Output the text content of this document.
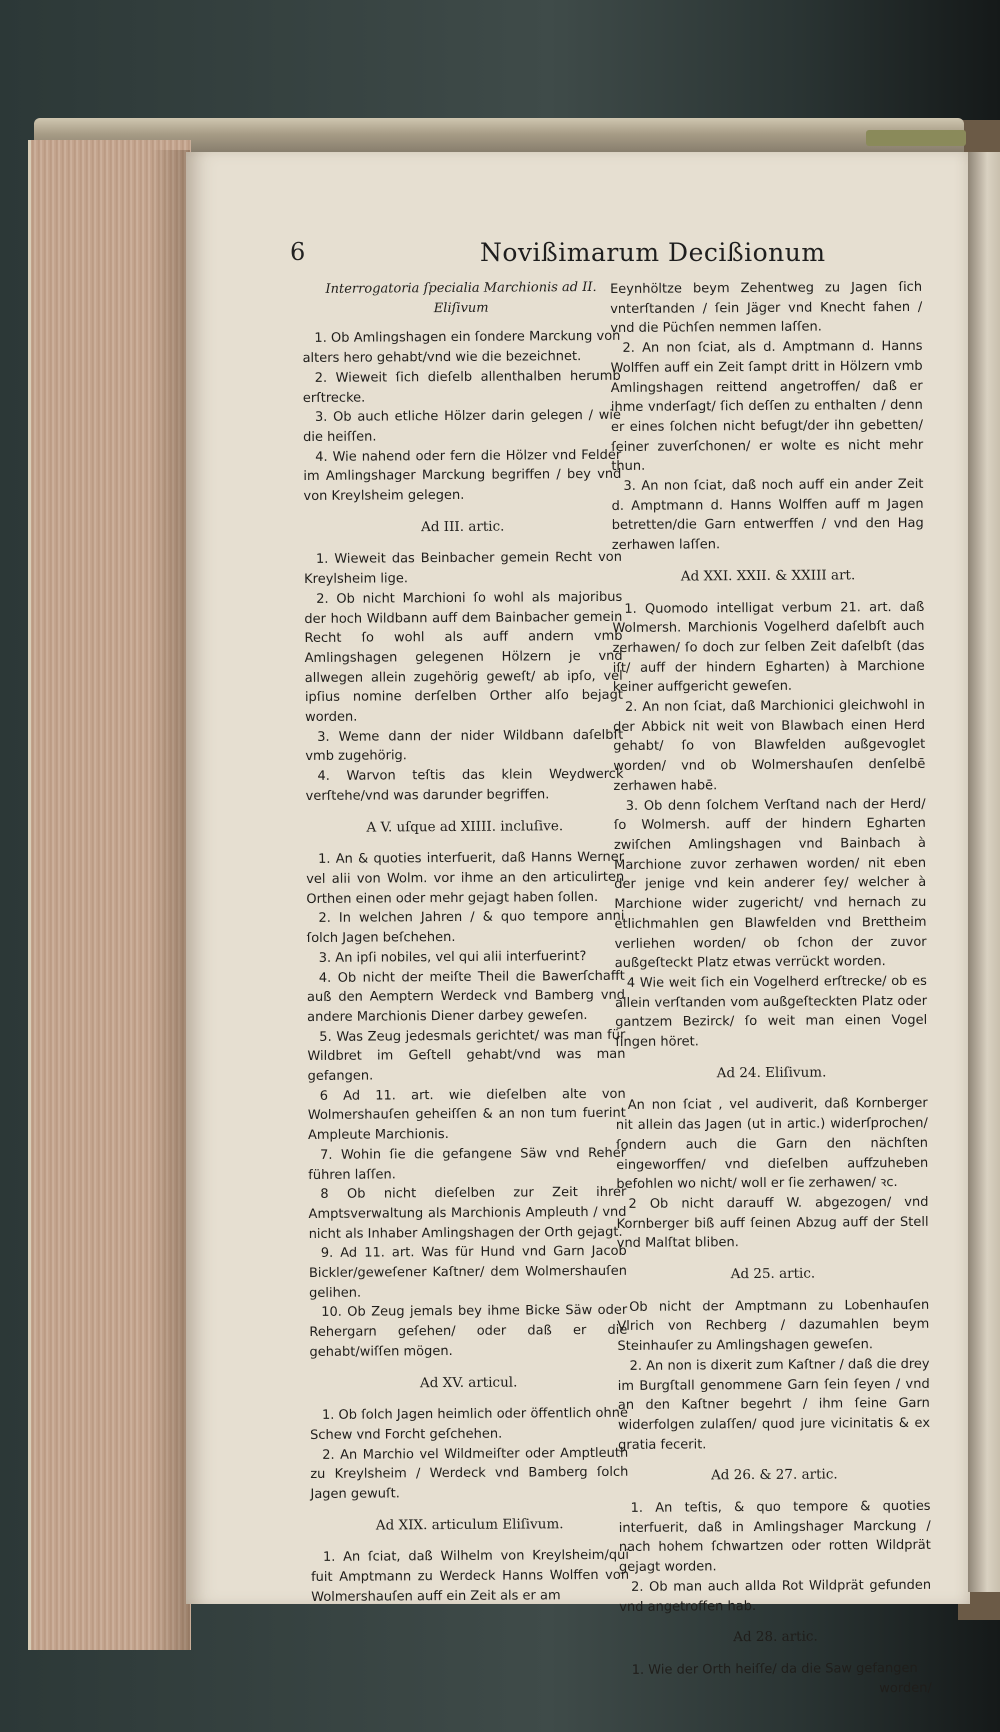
6	Novißimarum Decißionum

Interrogatoria ſpecialia Marchionis ad II. Eliſivum

1. Ob Amlingshagen ein ſondere Marckung von alters hero gehabt/vnd wie die bezeichnet.

2. Wieweit ſich dieſelb allenthalben herumb erſtrecke.

3. Ob auch etliche Hölzer darin gelegen / wie die heiſſen.

4. Wie nahend oder fern die Hölzer vnd Felder im Amlingshager Marckung begriffen / bey vnd von Kreylsheim gelegen.

Ad III. artic.

1. Wieweit das Beinbacher gemein Recht von Kreylsheim lige.

2. Ob nicht Marchioni ſo wohl als majoribus der hoch Wildbann auff dem Bainbacher gemein Recht ſo wohl als auff andern vmb Amlingshagen gelegenen Hölzern je vnd allwegen allein zugehörig geweſt/ ab ipſo, vel ipſius nomine derſelben Orther alſo bejagt worden.

3. Weme dann der nider Wildbann daſelbſt vmb zugehörig.

4. Warvon teſtis das klein Weydwerck verſtehe/vnd was darunder begriffen.

A V. uſque ad XIIII. incluſive.

1. An & quoties interfuerit, daß Hanns Werner vel alii von Wolm. vor ihme an den articulirten Orthen einen oder mehr gejagt haben ſollen.

2. In welchen Jahren / & quo tempore anni ſolch Jagen beſchehen.

3. An ipſi nobiles, vel qui alii interfuerint?

4. Ob nicht der meiſte Theil die Bawerſchafft auß den Aemptern Werdeck vnd Bamberg vnd andere Marchionis Diener darbey geweſen.

5. Was Zeug jedesmals gerichtet/ was man für Wildbret im Geſtell gehabt/vnd was man gefangen.

6 Ad 11. art. wie dieſelben alte von Wolmershauſen geheiſſen & an non tum fuerint Ampleute Marchionis.

7. Wohin ſie die gefangene Säw vnd Reher führen laſſen.

8 Ob nicht dieſelben zur Zeit ihrer Amptsverwaltung als Marchionis Ampleuth / vnd nicht als Inhaber Amlingshagen der Orth gejagt.

9. Ad 11. art. Was für Hund vnd Garn Jacob Bickler/geweſener Kaſtner/ dem Wolmershauſen gelihen.

10. Ob Zeug jemals bey ihme Bicke Säw oder Rehergarn geſehen/ oder daß er die gehabt/wiſſen mögen.

Ad XV. articul.

1. Ob ſolch Jagen heimlich oder öffentlich ohne Schew vnd Forcht geſchehen.

2. An Marchio vel Wildmeiſter oder Amptleuth zu Kreylsheim / Werdeck vnd Bamberg ſolch Jagen gewuſt.

Ad XIX. articulum Eliſivum.

1. An ſciat, daß Wilhelm von Kreylsheim/qui fuit Amptmann zu Werdeck Hanns Wolffen von Wolmershauſen auff ein Zeit als er am

Eeynhöltze beym Zehentweg zu Jagen ſich vnterſtanden / ſein Jäger vnd Knecht fahen / vnd die Püchſen nemmen laſſen.

2. An non ſciat, als d. Amptmann d. Hanns Wolffen auff ein Zeit ſampt dritt in Hölzern vmb Amlingshagen reittend angetroffen/ daß er ihme vnderſagt/ ſich deſſen zu enthalten / denn er eines ſolchen nicht befugt/der ihn gebetten/ ſeiner zuverſchonen/ er wolte es nicht mehr thun.

3. An non ſciat, daß noch auff ein ander Zeit d. Amptmann d. Hanns Wolffen auff m Jagen betretten/die Garn entwerffen / vnd den Hag zerhawen laſſen.

Ad XXI. XXII. & XXIII art.

1. Quomodo intelligat verbum 21. art. daß Wolmersh. Marchionis Vogelherd daſelbſt auch zerhawen/ ſo doch zur ſelben Zeit daſelbſt (das iſt/ auff der hindern Egharten) à Marchione keiner auffgericht geweſen.

2. An non ſciat, daß Marchionici gleichwohl in der Abbick nit weit von Blawbach einen Herd gehabt/ ſo von Blawfelden außgevoglet worden/ vnd ob Wolmershauſen denſelbē zerhawen habē.

3. Ob denn ſolchem Verſtand nach der Herd/ ſo Wolmersh. auff der hindern Egharten zwiſchen Amlingshagen vnd Bainbach à Marchione zuvor zerhawen worden/ nit eben der jenige vnd kein anderer ſey/ welcher à Marchione wider zugericht/ vnd hernach zu etlichmahlen gen Blawfelden vnd Brettheim verliehen worden/ ob ſchon der zuvor außgeſteckt Platz etwas verrückt worden.

4 Wie weit ſich ein Vogelherd erſtrecke/ ob es allein verſtanden vom außgeſteckten Platz oder gantzem Bezirck/ ſo weit man einen Vogel ſingen höret.

Ad 24. Eliſivum.

An non ſciat , vel audiverit, daß Kornberger nit allein das Jagen (ut in artic.) widerſprochen/ ſondern auch die Garn den nächſten eingeworffen/ vnd dieſelben auffzuheben befohlen wo nicht/ woll er ſie zerhawen/ ꝛc.

2 Ob nicht darauff W. abgezogen/ vnd Kornberger biß auff ſeinen Abzug auff der Stell vnd Malſtat bliben.

Ad 25. artic.

Ob nicht der Amptmann zu Lobenhauſen Vlrich von Rechberg / dazumahlen beym Steinhauſer zu Amlingshagen geweſen.

2. An non is dixerit zum Kaſtner / daß die drey im Burgſtall genommene Garn ſein ſeyen / vnd an den Kaſtner begehrt / ihm ſeine Garn widerfolgen zulaſſen/ quod jure vicinitatis & ex gratia fecerit.

Ad 26. & 27. artic.

1. An teſtis, & quo tempore & quoties interfuerit, daß in Amlingshager Marckung / nach hohem ſchwartzen oder rotten Wildprät gejagt worden.

2. Ob man auch allda Rot Wildprät gefunden vnd angetroffen hab.

Ad 28. artic.

1. Wie der Orth heiſſe/ da die Saw gefangen

worden/
